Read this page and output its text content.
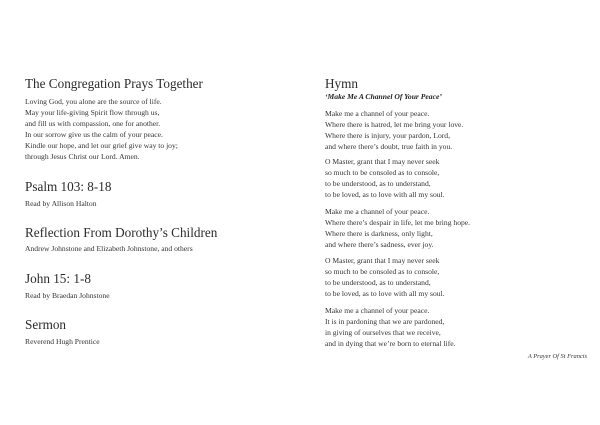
The Congregation Prays Together
Loving God, you alone are the source of life.
May your life-giving Spirit flow through us,
and fill us with compassion, one for another.
In our sorrow give us the calm of your peace.
Kindle our hope, and let our grief give way to joy;
through Jesus Christ our Lord. Amen.
Psalm 103: 8-18
Read by Allison Halton
Reflection From Dorothy’s Children
Andrew Johnstone and Elizabeth Johnstone, and others
John 15: 1-8
Read by Braedan Johnstone
Sermon
Reverend Hugh Prentice
Hymn
‘Make Me A Channel Of Your Peace’
Make me a channel of your peace.
Where there is hatred, let me bring your love.
Where there is injury, your pardon, Lord,
and where there’s doubt, true faith in you.
O Master, grant that I may never seek
so much to be consoled as to console,
to be understood, as to understand,
to be loved, as to love with all my soul.
Make me a channel of your peace.
Where there’s despair in life, let me bring hope.
Where there is darkness, only light,
and where there’s sadness, ever joy.
O Master, grant that I may never seek
so much to be consoled as to console,
to be understood, as to understand,
to be loved, as to love with all my soul.
Make me a channel of your peace.
It is in pardoning that we are pardoned,
in giving of ourselves that we receive,
and in dying that we’re born to eternal life.
A Prayer Of St Francis
